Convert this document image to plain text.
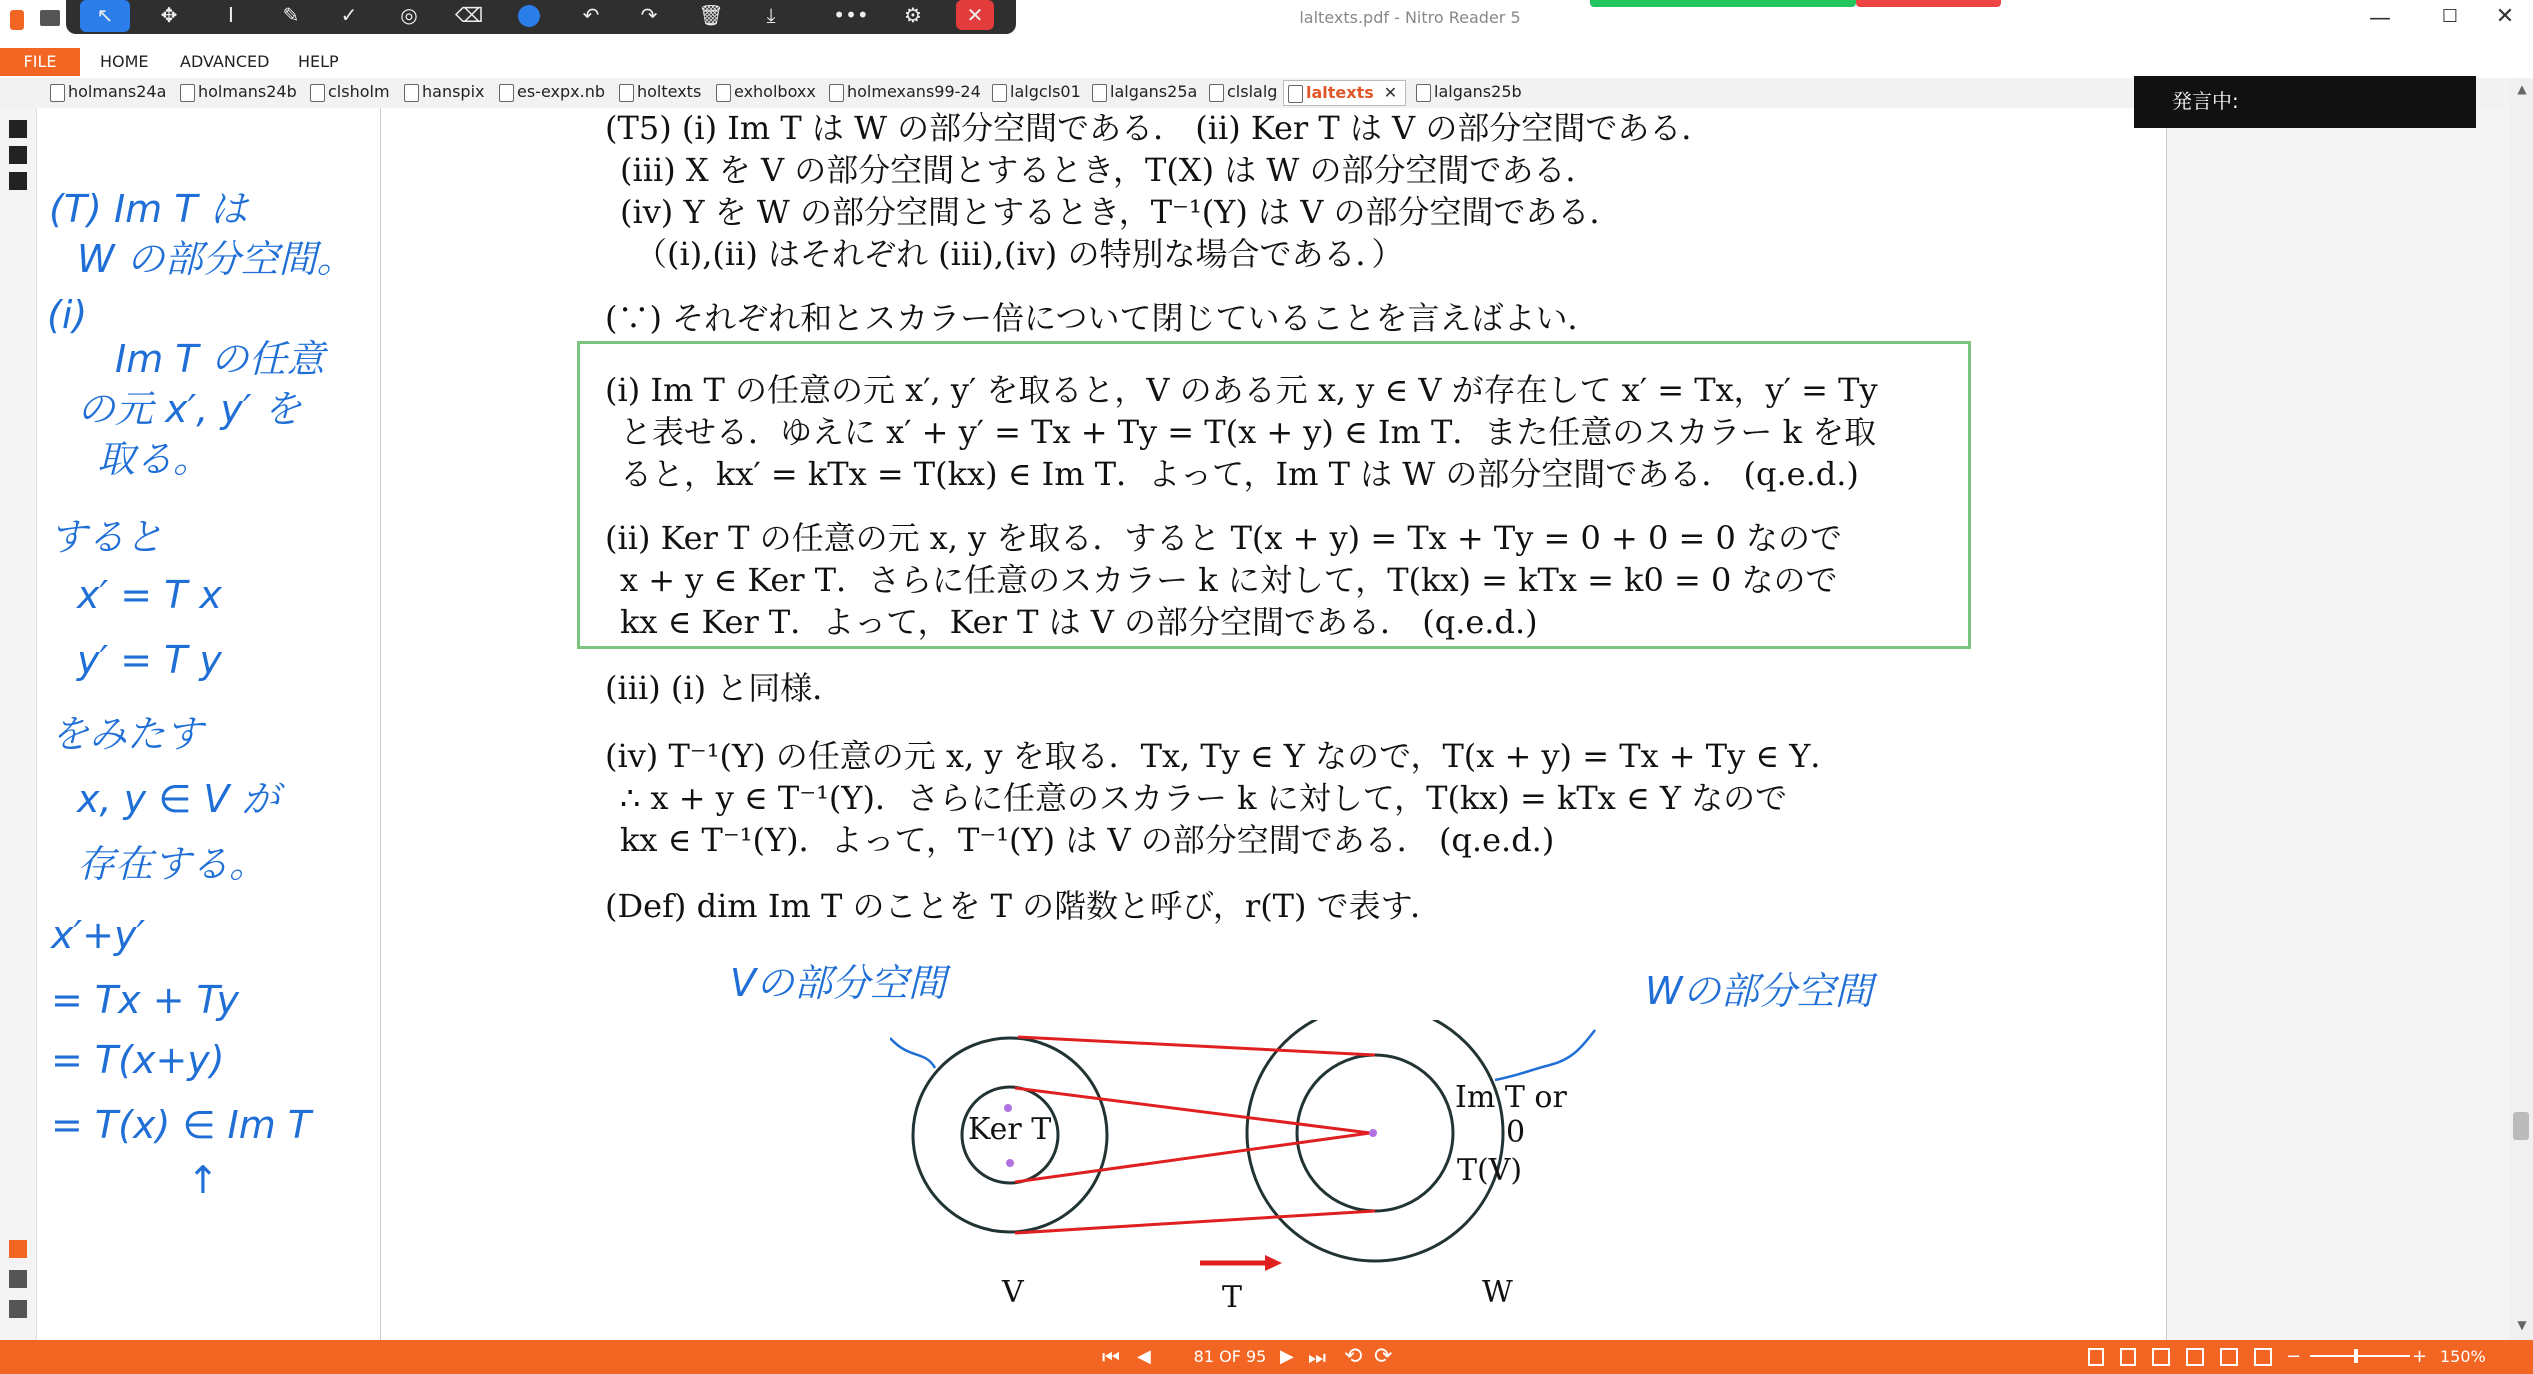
laltexts.pdf - Nitro Reader 5	—	☐	✕
↖	✥	I	✎	✓	◎	⌫	↶	↷	🗑	⤓	•••	⚙	✕
FILE	HOME ADVANCED HELP
holmans24a	holmans24b	clsholm	hanspix	es-expx.nb	holtexts	exholboxx	holmexans99-24	lalgcls01	lalgans25a	clslalg	laltexts ✕	lalgans25b
(T) Im T は
W の部分空間。
(i)
Im T の任意
の元 x′, y′ を
取る。
すると
x′ = T x
y′ = T y
をみたす
x, y ∈ V が
存在する。
x′+y′
= Tx + Ty
= T(x+y)
= T(x) ∈ Im T
↑
(T5) (i) Im T は W の部分空間である． (ii) Ker T は V の部分空間である．
(iii) X を V の部分空間とするとき，T(X) は W の部分空間である．
(iv) Y を W の部分空間とするとき，T⁻¹(Y) は V の部分空間である．
（(i),(ii) はそれぞれ (iii),(iv) の特別な場合である．）
(∵) それぞれ和とスカラー倍について閉じていることを言えばよい．
(i) Im T の任意の元 x′, y′ を取ると，V のある元 x, y ∈ V が存在して x′ = Tx，y′ = Ty
と表せる．ゆえに x′ + y′ = Tx + Ty = T(x + y) ∈ Im T．また任意のスカラー k を取
ると，kx′ = kTx = T(kx) ∈ Im T．よって，Im T は W の部分空間である． (q.e.d.)
(ii) Ker T の任意の元 x, y を取る．すると T(x + y) = Tx + Ty = 0 + 0 = 0 なので
x + y ∈ Ker T．さらに任意のスカラー k に対して，T(kx) = kTx = k0 = 0 なので
kx ∈ Ker T．よって，Ker T は V の部分空間である． (q.e.d.)
(iii) (i) と同様．
(iv) T⁻¹(Y) の任意の元 x, y を取る．Tx, Ty ∈ Y なので，T(x + y) = Tx + Ty ∈ Y．
∴ x + y ∈ T⁻¹(Y)．さらに任意のスカラー k に対して，T(kx) = kTx ∈ Y なので
kx ∈ T⁻¹(Y)．よって，T⁻¹(Y) は V の部分空間である． (q.e.d.)
(Def) dim Im T のことを T の階数と呼び，r(T) で表す．
Ker T
Im T or
0
T(V)
V	T	W
Vの部分空間	Wの部分空間
▲
▼
発言中:
⏮ ◀	81 OF 95 ▶ ⏭ ⟲ ⟳	−	+ 150%
